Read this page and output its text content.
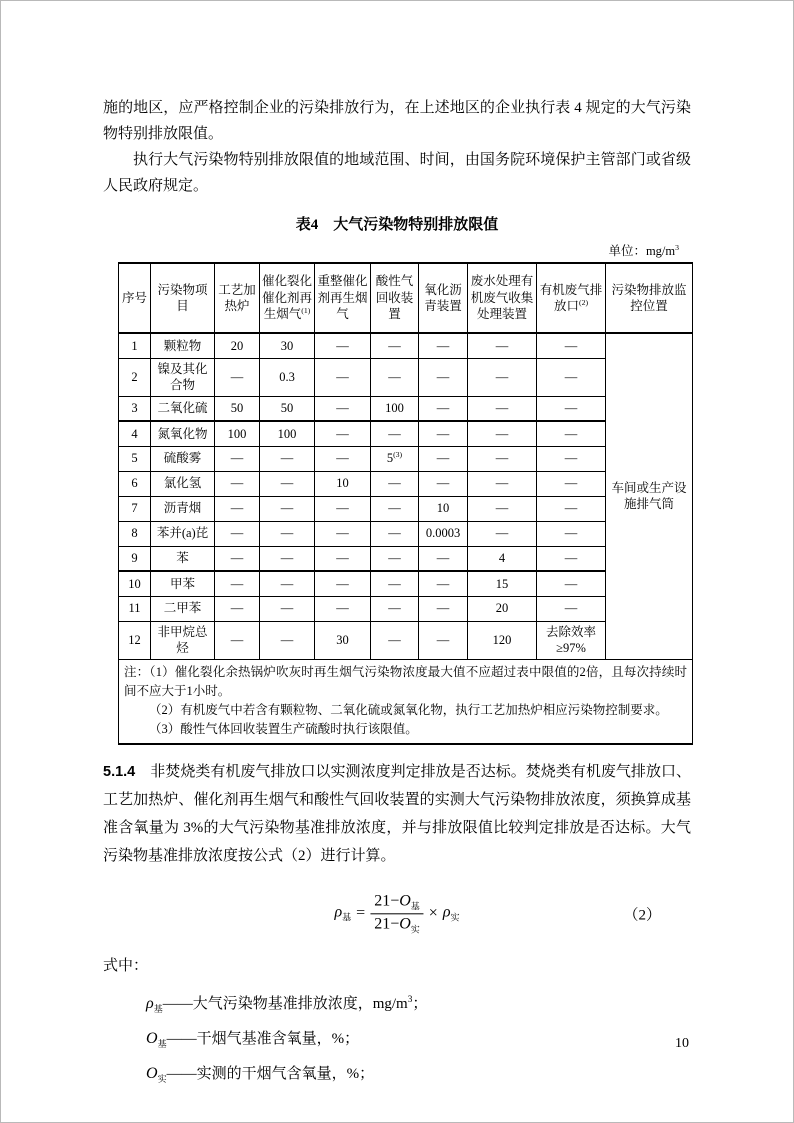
施的地区，应严格控制企业的污染排放行为，在上述地区的企业执行表 4 规定的大气污染物特别排放限值。

执行大气污染物特别排放限值的地域范围、时间，由国务院环境保护主管部门或省级人民政府规定。

表4　大气污染物特别排放限值
单位：$mg/m^3$
序号	污染物项目	工艺加热炉	催化裂化催化剂再生烟气$^{(1)}$	重整催化剂再生烟气	酸性气回收装置	氧化沥青装置	废水处理有机废气收集处理装置	有机废气排放口$^{(2)}$	污染物排放监控位置
1	颗粒物	20	30	—	—	—	—	—	车间或生产设施排气筒
2	镍及其化合物	—	0.3	—	—	—	—	—	
3	二氧化硫	50	50	—	100	—	—	—	
4	氮氧化物	100	100	—	—	—	—	—	
5	硫酸雾	—	—	—	5$^{(3)}$	—	—	—	
6	氯化氢	—	—	10	—	—	—	—	
7	沥青烟	—	—	—	—	10	—	—	
8	苯并(a)芘	—	—	—	—	0.0003	—	—	
9	苯	—	—	—	—	—	4	—	
10	甲苯	—	—	—	—	—	15	—	
11	二甲苯	—	—	—	—	—	20	—	
12	非甲烷总烃	—	—	30	—	—	120	去除效率≥97%	

注：（1）催化裂化余热锅炉吹灰时再生烟气污染物浓度最大值不应超过表中限值的2倍，且每次持续时间不应大于1小时。
（2）有机废气中若含有颗粒物、二氧化硫或氮氧化物，执行工艺加热炉相应污染物控制要求。
（3）酸性气体回收装置生产硫酸时执行该限值。									

5.1.4　非焚烧类有机废气排放口以实测浓度判定排放是否达标。焚烧类有机废气排放口、工艺加热炉、催化剂再生烟气和酸性气回收装置的实测大气污染物排放浓度，须换算成基准含氧量为 3%的大气污染物基准排放浓度，并与排放限值比较判定排放是否达标。大气污染物基准排放浓度按公式（2）进行计算。

$\rho_基 = \frac{21-O_基}{21-O_实} \times \rho_实$	（2）
式中：
$\rho_基——$大气污染物基准排放浓度，$mg/m^3$；
$O_基——$干烟气基准含氧量，%；
$O_实——$实测的干烟气含氧量，%；
10
